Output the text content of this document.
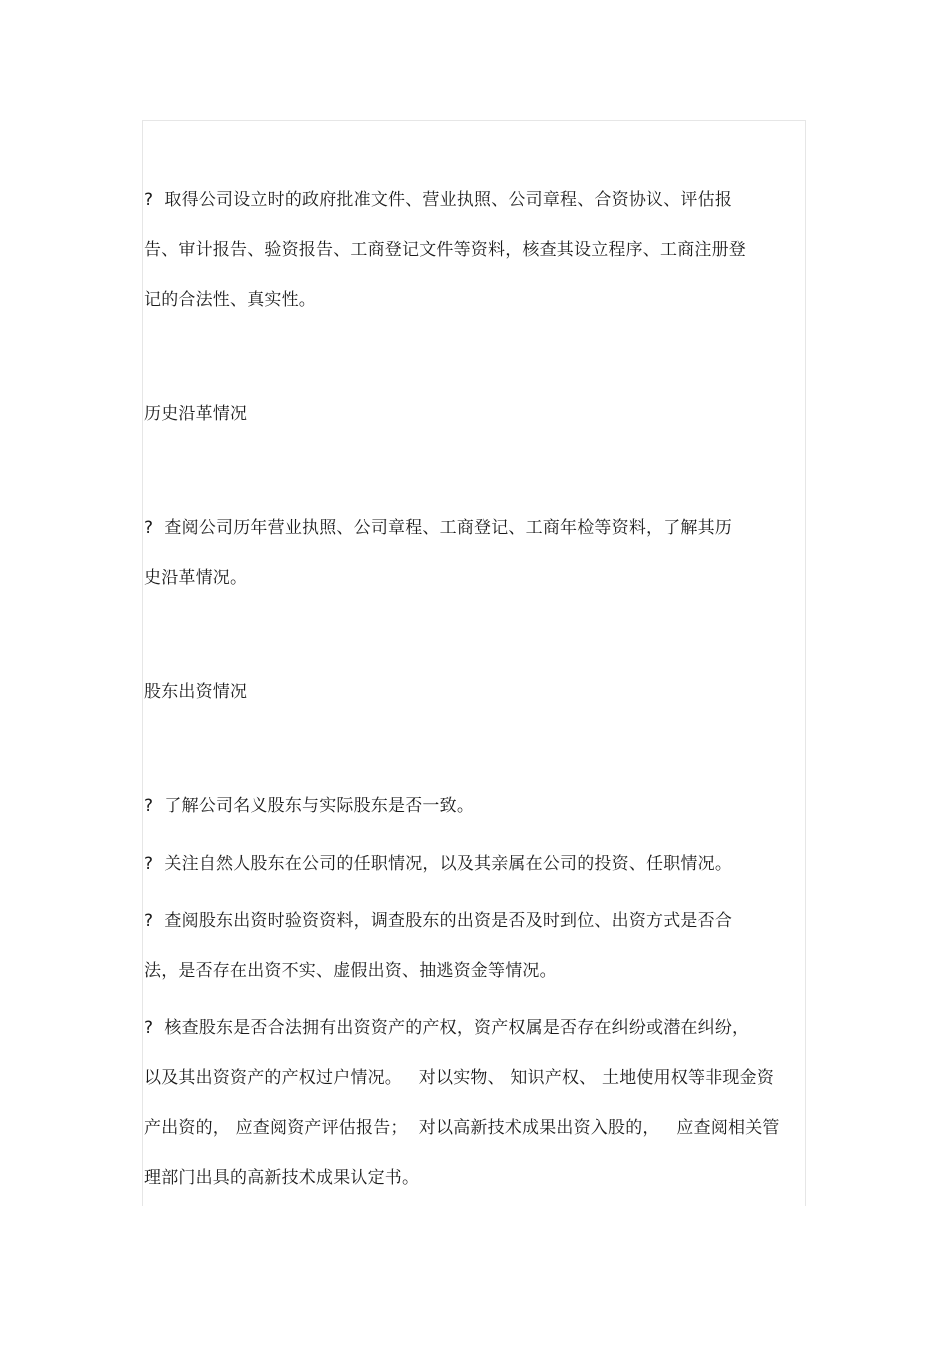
?  取得公司设立时的政府批准文件、营业执照、公司章程、合资协议、评估报
告、审计报告、验资报告、工商登记文件等资料，核查其设立程序、工商注册登
记的合法性、真实性。
历史沿革情况
?  查阅公司历年营业执照、公司章程、工商登记、工商年检等资料，了解其历
史沿革情况。
股东出资情况
?  了解公司名义股东与实际股东是否一致。
?  关注自然人股东在公司的任职情况，以及其亲属在公司的投资、任职情况。
?  查阅股东出资时验资资料，调查股东的出资是否及时到位、出资方式是否合
法，是否存在出资不实、虚假出资、抽逃资金等情况。
?  核查股东是否合法拥有出资资产的产权，资产权属是否存在纠纷或潜在纠纷，
以及其出资资产的产权过户情况。   对以实物、 知识产权、 土地使用权等非现金资
产出资的， 应查阅资产评估报告；  对以高新技术成果出资入股的，   应查阅相关管
理部门出具的高新技术成果认定书。
